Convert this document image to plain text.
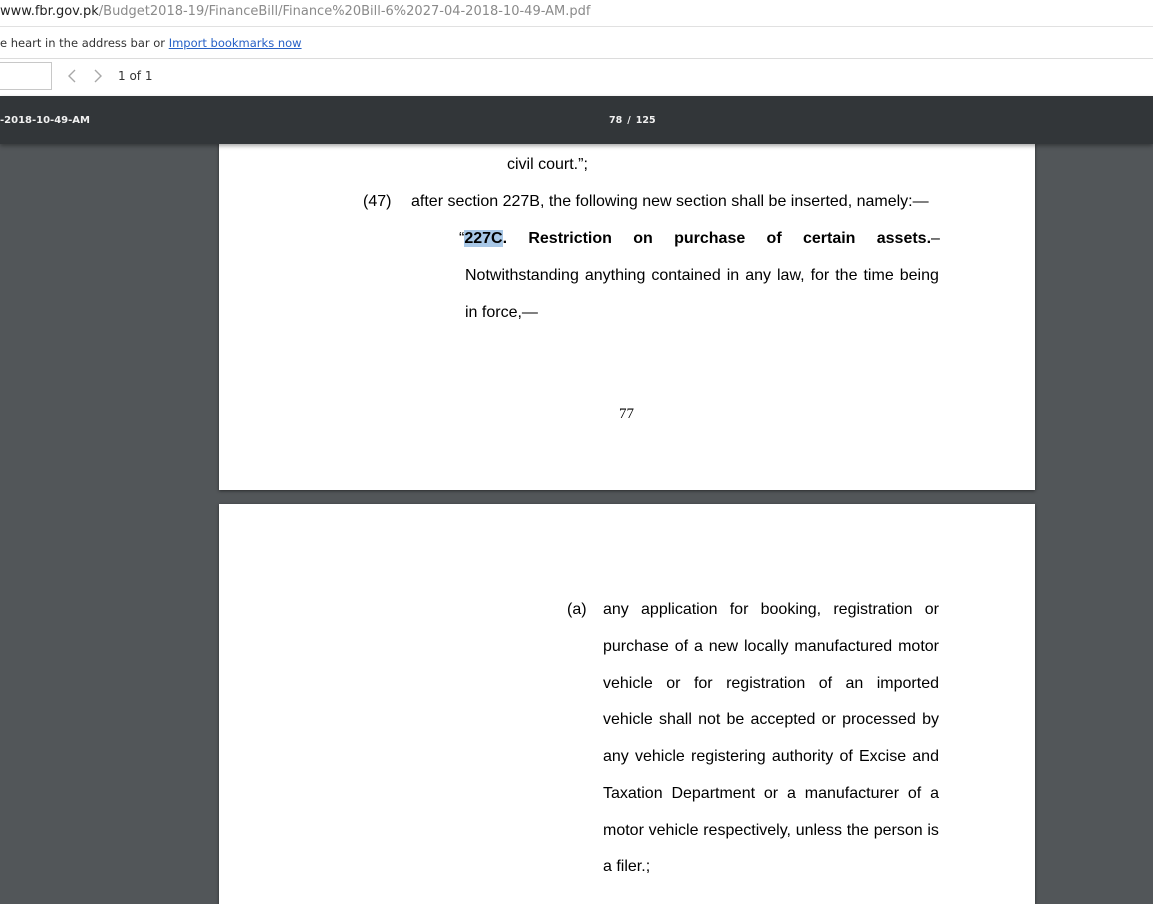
www.fbr.gov.pk/Budget2018-19/FinanceBill/Finance%20Bill-6%2027-04-2018-10-49-AM.pdf
e heart in the address bar or Import bookmarks now
1 of 1
-2018-10-49-AM	78 / 125
civil court.”;
(47) after section 227B, the following new section shall be inserted, namely:—
“227C. Restriction on purchase of certain assets.–
Notwithstanding anything contained in any law, for the time being
in force,—
77
(a) any application for booking, registration or
purchase of a new locally manufactured motor
vehicle or for registration of an imported
vehicle shall not be accepted or processed by
any vehicle registering authority of Excise and
Taxation Department or a manufacturer of a
motor vehicle respectively, unless the person is
a filer.;
